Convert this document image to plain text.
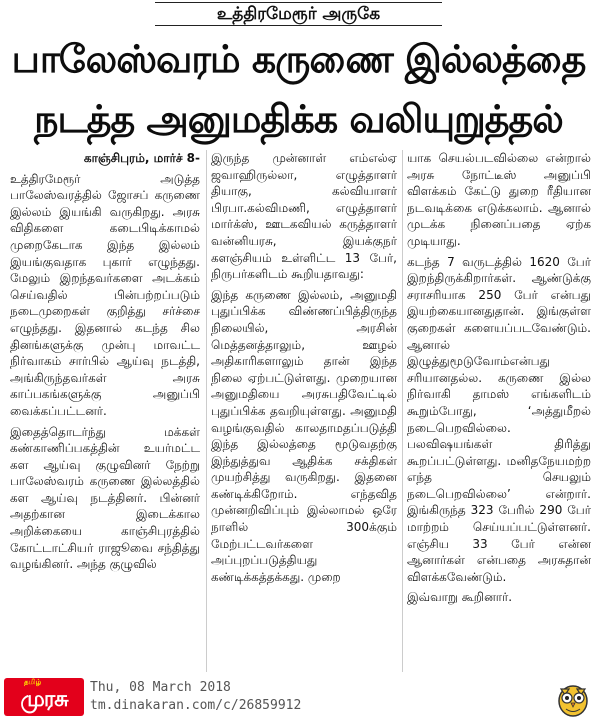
உத்திரமேரூர் அருகே
பாலேஸ்வரம் கருணை இல்லத்தை
நடத்த அனுமதிக்க வலியுறுத்தல்

காஞ்சிபுரம், மார்ச் 8-

உத்திரமேரூர் அடுத்த பாலேஸ்வரத்தில் ஜோசப் கருணை இல்லம் இயங்கி வருகிறது. அரசு விதிகளை கடைபிடிக்காமல் முறைகேடாக இந்த இல்லம் இயங்குவதாக புகார் எழுந்தது. மேலும் இறந்தவர்களை அடக்கம் செய்வதில் பின்பற்றப்படும் நடைமுறைகள் குறித்து சர்ச்சை எழுந்தது. இதனால் கடந்த சில தினங்களுக்கு முன்பு மாவட்ட நிர்வாகம் சார்பில் ஆய்வு நடத்தி, அங்கிருந்தவர்கள் அரசு காப்பகங்களுக்கு அனுப்பி வைக்கப்பட்டனர்.

இதைத்தொடர்ந்து மக்கள் கண்காணிப்பகத்தின் உயர்மட்ட கள ஆய்வு குழுவினர் நேற்று பாலேஸ்வரம் கருணை இல்லத்தில் கள ஆய்வு நடத்தினர். பின்னர் அதற்கான இடைக்கால அறிக்கையை காஞ்சிபுரத்தில் கோட்டாட்சியர் ராஜூவை சந்தித்து வழங்கினர். அந்த குழுவில்

இருந்த முன்னாள் எம்எல்ஏ ஜவாஹிருல்லா, எழுத்தாளர் தியாகு, கல்வியாளர் பிரபா.கல்விமணி, எழுத்தாளர் மார்க்ஸ், ஊடகவியல் கருத்தாளர் வன்னியரசு, இயக்குநர் களஞ்சியம் உள்ளிட்ட 13 பேர், நிருபர்களிடம் கூறியதாவது:

இந்த கருணை இல்லம், அனுமதி புதுப்பிக்க விண்ணப்பித்திருந்த நிலையில், அரசின் மெத்தனத்தாலும், ஊழல் அதிகாரிகளாலும் தான் இந்த நிலை ஏற்பட்டுள்ளது. முறையான அனுமதியை அரசுபதிவேட்டில் புதுப்பிக்க தவறியுள்ளது. அனுமதி வழங்குவதில் காலதாமதப்படுத்தி இந்த இல்லத்தை மூடுவதற்கு இந்துத்துவ ஆதிக்க சக்திகள் முயற்சித்து வருகிறது. இதனை கண்டிக்கிறோம். எந்தவித முன்னறிவிப்பும் இல்லாமல் ஒரே நாளில் 300க்கும் மேற்பட்டவர்களை அப்புறப்படுத்தியது கண்டிக்கத்தக்கது. முறை

யாக செயல்படவில்லை என்றால் அரசு நோட்டீஸ் அனுப்பி விளக்கம் கேட்டு துறை ரீதியான நடவடிக்கை எடுக்கலாம். ஆனால் முடக்க நினைப்பதை ஏற்க முடியாது.

கடந்த 7 வருடத்தில் 1620 பேர் இறந்திருக்கிறார்கள். ஆண்டுக்கு சராசரியாக 250 பேர் என்பது இயற்கையானதுதான். இங்குள்ள குறைகள் களையப்படவேண்டும். ஆனால் இழுத்துமூடுவோம்என்பது சரியானதல்ல. கருணை இல்ல நிர்வாகி தாமஸ் எங்களிடம் கூறும்போது, ‘அத்துமீறல் நடைபெறவில்லை. பலவிஷயங்கள் திரித்து கூறப்பட்டுள்ளது. மனிதநேயமற்ற எந்த செயலும் நடைபெறவில்லை’ என்றார். இங்கிருந்த 323 பேரில் 290 பேர் மாற்றம் செய்யப்பட்டுள்ளனர். எஞ்சிய 33 பேர் என்ன ஆனார்கள் என்பதை அரசுதான் விளக்கவேண்டும்.

இவ்வாறு கூறினார்.

தமிழ்
முரசு	Thu, 08 March 2018
tm.dinakaran.com/c/26859912
